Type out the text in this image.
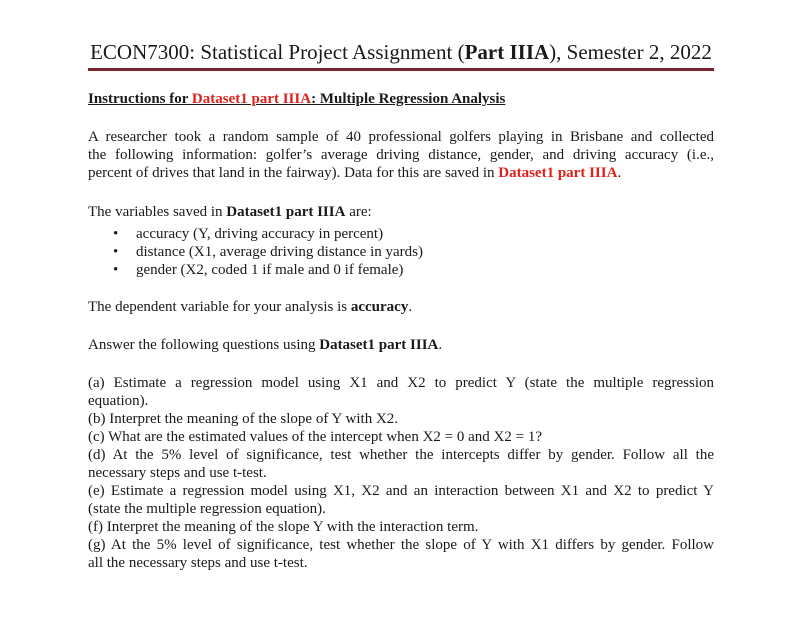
ECON7300: Statistical Project Assignment (Part IIIA), Semester 2, 2022
Instructions for Dataset1 part IIIA: Multiple Regression Analysis
A researcher took a random sample of 40 professional golfers playing in Brisbane and collected
the following information: golfer’s average driving distance, gender, and driving accuracy (i.e.,
percent of drives that land in the fairway). Data for this are saved in Dataset1 part IIIA.
The variables saved in Dataset1 part IIIA are:
• accuracy (Y, driving accuracy in percent)
• distance (X1, average driving distance in yards)
• gender (X2, coded 1 if male and 0 if female)
The dependent variable for your analysis is accuracy.
Answer the following questions using Dataset1 part IIIA.
(a) Estimate a regression model using X1 and X2 to predict Y (state the multiple regression
equation).
(b) Interpret the meaning of the slope of Y with X2.
(c) What are the estimated values of the intercept when X2 = 0 and X2 = 1?
(d) At the 5% level of significance, test whether the intercepts differ by gender. Follow all the
necessary steps and use t-test.
(e) Estimate a regression model using X1, X2 and an interaction between X1 and X2 to predict Y
(state the multiple regression equation).
(f) Interpret the meaning of the slope Y with the interaction term.
(g) At the 5% level of significance, test whether the slope of Y with X1 differs by gender. Follow
all the necessary steps and use t-test.
